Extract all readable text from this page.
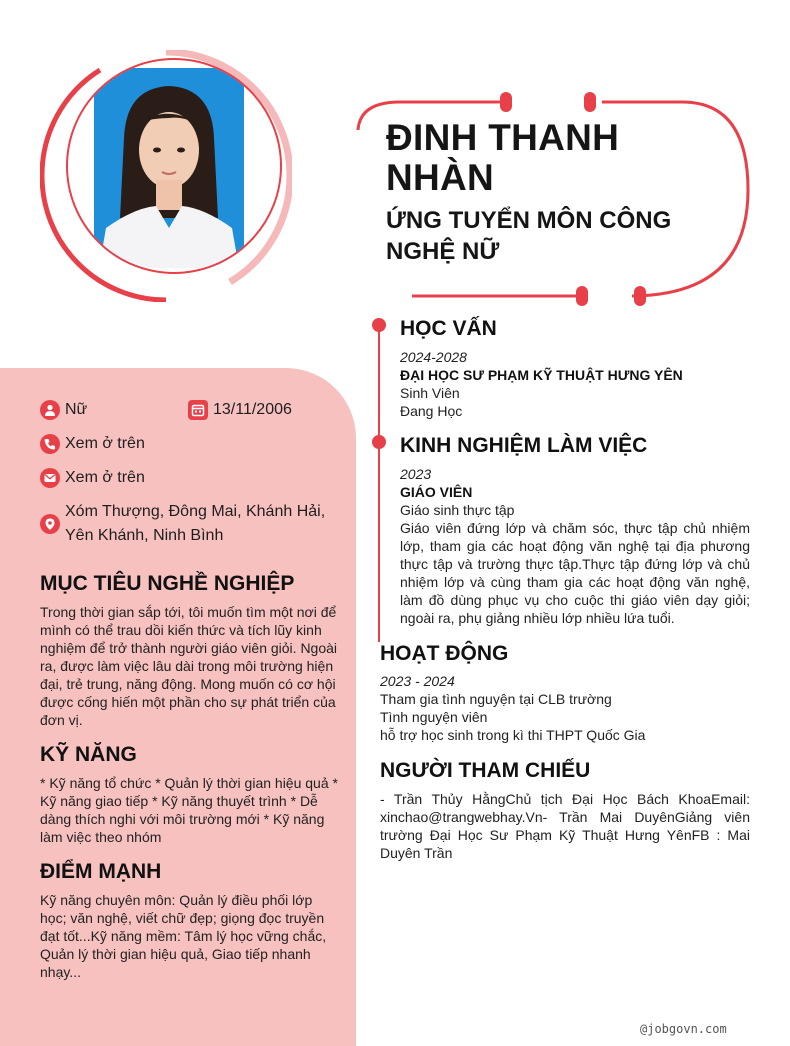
ĐINH THANH NHÀN
ỨNG TUYỂN MÔN CÔNG NGHỆ NỮ
Nữ	13/11/2006
Xem ở trên
Xem ở trên
Xóm Thượng, Đông Mai, Khánh Hải, Yên Khánh, Ninh Bình
MỤC TIÊU NGHỀ NGHIỆP
Trong thời gian sắp tới, tôi muốn tìm một nơi để mình có thể trau dồi kiến thức và tích lũy kinh nghiệm để trở thành người giáo viên giỏi. Ngoài ra, được làm việc lâu dài trong môi trường hiện đại, trẻ trung, năng động. Mong muốn có cơ hội được cống hiến một phần cho sự phát triển của đơn vị.
KỸ NĂNG
* Kỹ năng tổ chức * Quản lý thời gian hiệu quả * Kỹ năng giao tiếp * Kỹ năng thuyết trình * Dễ dàng thích nghi với môi trường mới * Kỹ năng làm việc theo nhóm
ĐIỂM MẠNH
Kỹ năng chuyên môn: Quản lý điều phối lớp học; văn nghệ, viết chữ đẹp; giọng đọc truyền đạt tốt...Kỹ năng mềm: Tâm lý học vững chắc, Quản lý thời gian hiệu quả, Giao tiếp nhanh nhạy...
HỌC VẤN
2024-2028
ĐẠI HỌC SƯ PHẠM KỸ THUẬT HƯNG YÊN
Sinh Viên
Đang Học
KINH NGHIỆM LÀM VIỆC
2023
GIÁO VIÊN
Giáo sinh thực tập
Giáo viên đứng lớp và chăm sóc, thực tập chủ nhiệm lớp, tham gia các hoạt động văn nghệ tại địa phương thực tập và trường thực tập.Thực tập đứng lớp và chủ nhiệm lớp và cùng tham gia các hoạt động văn nghệ, làm đồ dùng phục vụ cho cuộc thi giáo viên dạy giỏi; ngoài ra, phụ giảng nhiều lớp nhiều lứa tuổi.
HOẠT ĐỘNG
2023 - 2024
Tham gia tình nguyện tại CLB trường
Tình nguyện viên
hỗ trợ học sinh trong kì thi THPT Quốc Gia
NGƯỜI THAM CHIẾU
- Trần Thủy HằngChủ tịch Đại Học Bách KhoaEmail: xinchao@trangwebhay.Vn- Trần Mai DuyênGiảng viên trường Đại Học Sư Phạm Kỹ Thuật Hưng YênFB : Mai Duyên Trần
@jobgovn.com
